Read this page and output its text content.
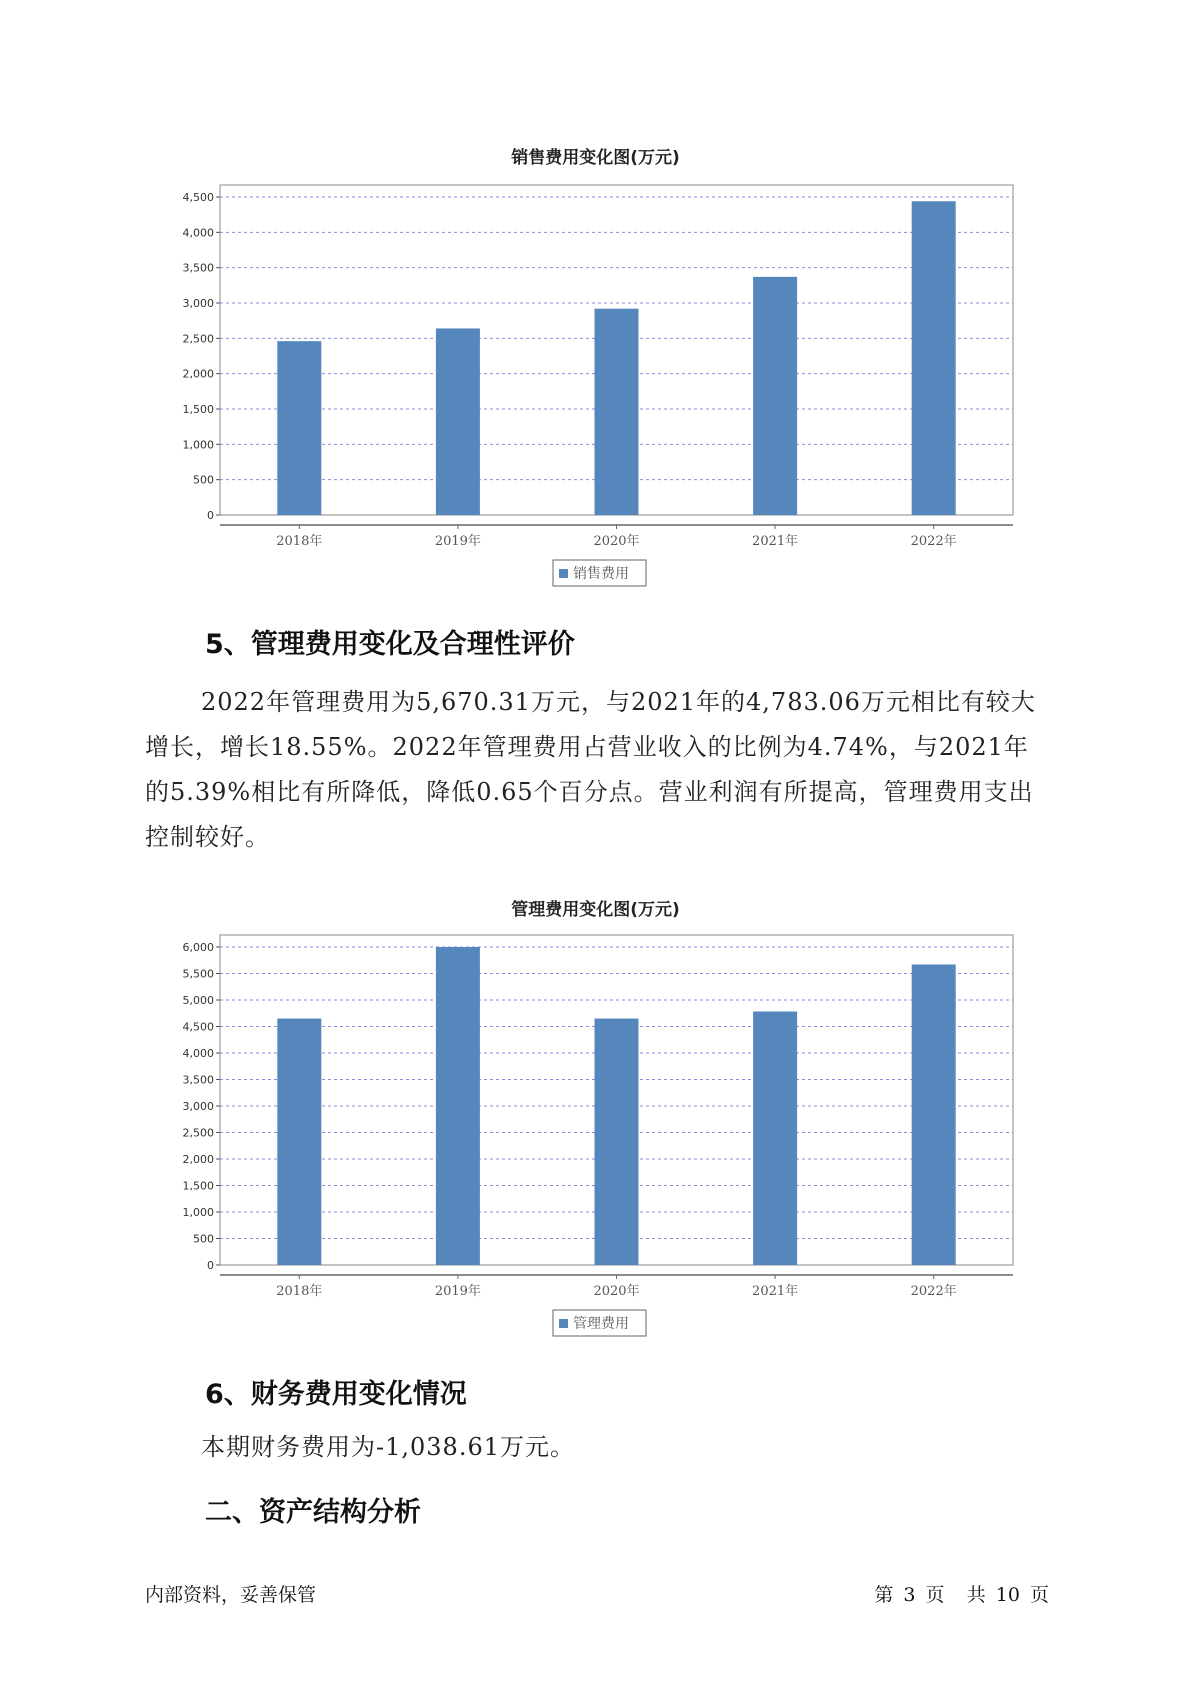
销售费用变化图(万元)
0
500
1,000
1,500
2,000
2,500
3,000
3,500
4,000
4,500
2018年	2019年	2020年	2021年	2022年
销售费用
5、管理费用变化及合理性评价
2022年管理费用为5,670.31万元，与2021年的4,783.06万元相比有较大增长，增长18.55%。2022年管理费用占营业收入的比例为4.74%，与2021年的5.39%相比有所降低，降低0.65个百分点。营业利润有所提高，管理费用支出控制较好。
管理费用变化图(万元)
0
500
1,000
1,500
2,000
2,500
3,000
3,500
4,000
4,500
5,000
5,500
6,000
2018年	2019年	2020年	2021年	2022年
管理费用
6、财务费用变化情况
本期财务费用为-1,038.61万元。
二、资产结构分析
内部资料，妥善保管	第 3 页 共 10 页
